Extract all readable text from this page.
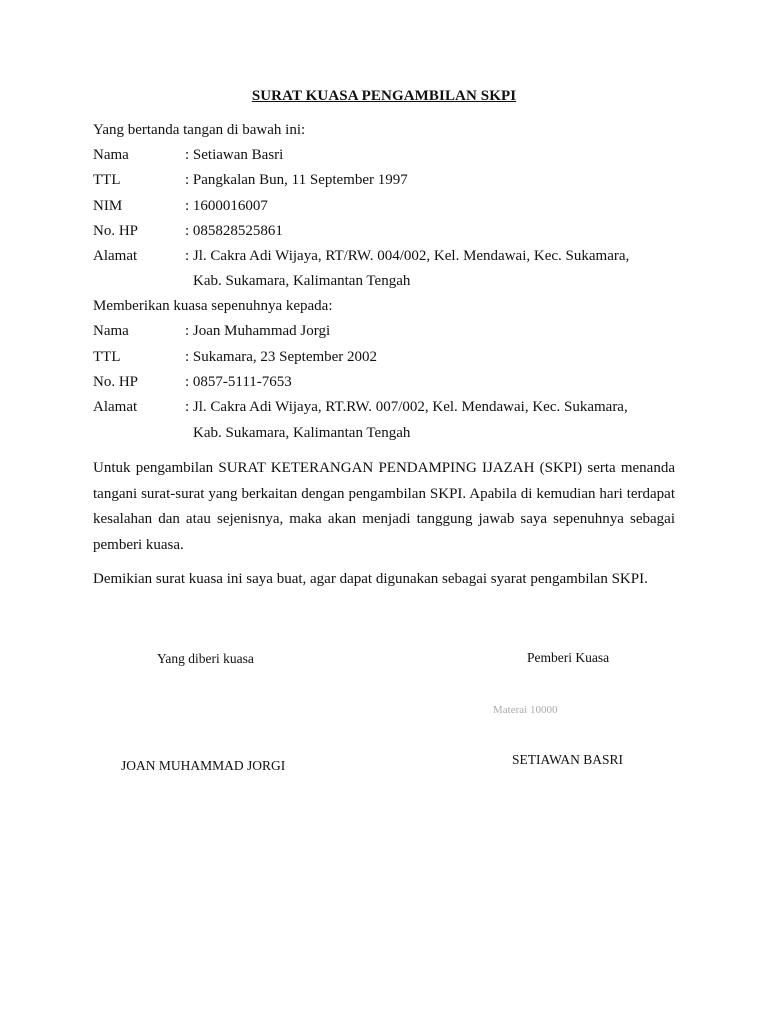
SURAT KUASA PENGAMBILAN SKPI
Yang bertanda tangan di bawah ini:
Nama	: Setiawan Basri
TTL	: Pangkalan Bun, 11 September 1997
NIM	: 1600016007
No. HP	: 085828525861
Alamat	: Jl. Cakra Adi Wijaya, RT/RW. 004/002, Kel. Mendawai, Kec. Sukamara,
Kab. Sukamara, Kalimantan Tengah
Memberikan kuasa sepenuhnya kepada:
Nama	: Joan Muhammad Jorgi
TTL	: Sukamara, 23 September 2002
No. HP	: 0857-5111-7653
Alamat	: Jl. Cakra Adi Wijaya, RT.RW. 007/002, Kel. Mendawai, Kec. Sukamara,
Kab. Sukamara, Kalimantan Tengah
Untuk pengambilan SURAT KETERANGAN PENDAMPING IJAZAH (SKPI) serta menanda tangani surat-surat yang berkaitan dengan pengambilan SKPI. Apabila di kemudian hari terdapat kesalahan dan atau sejenisnya, maka akan menjadi tanggung jawab saya sepenuhnya sebagai pemberi kuasa.
Demikian surat kuasa ini saya buat, agar dapat digunakan sebagai syarat pengambilan SKPI.
Yang diberi kuasa	Pemberi Kuasa
Materai 10000
JOAN MUHAMMAD JORGI	SETIAWAN BASRI
